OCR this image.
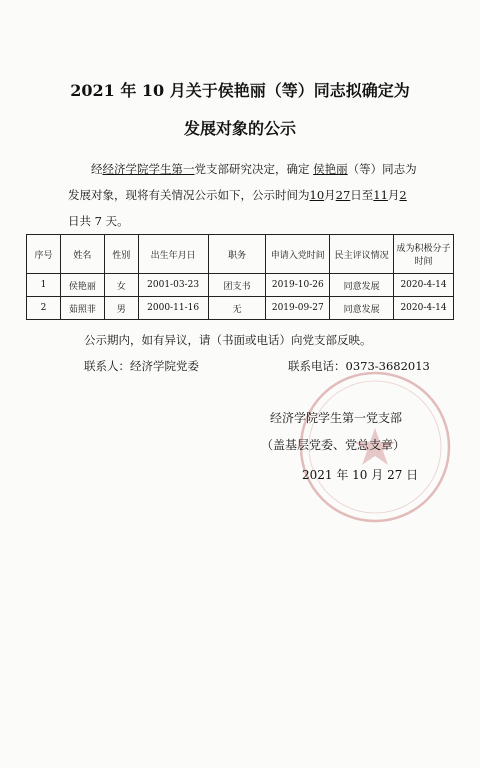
2021 年 10 月关于侯艳丽（等）同志拟确定为
发展对象的公示
经经济学院学生第一党支部研究决定，确定 侯艳丽（等）同志为发展对象，现将有关情况公示如下，公示时间为10月27日至11月2日共 7 天。
序号	姓名	性别	出生年月日	职务	申请入党时间	民主评议情况	成为积极分子时间
1	侯艳丽	女	2001-03-23	团支书	2019-10-26	同意发展	2020-4-14
2	茹照菲	男	2000-11-16	无	2019-09-27	同意发展	2020-4-14
公示期内，如有异议，请（书面或电话）向党支部反映。
联系人：经济学院党委	联系电话：0373-3682013
经济学院学生第一党支部
（盖基层党委、党总支章）
2021 年 10 月 27 日
